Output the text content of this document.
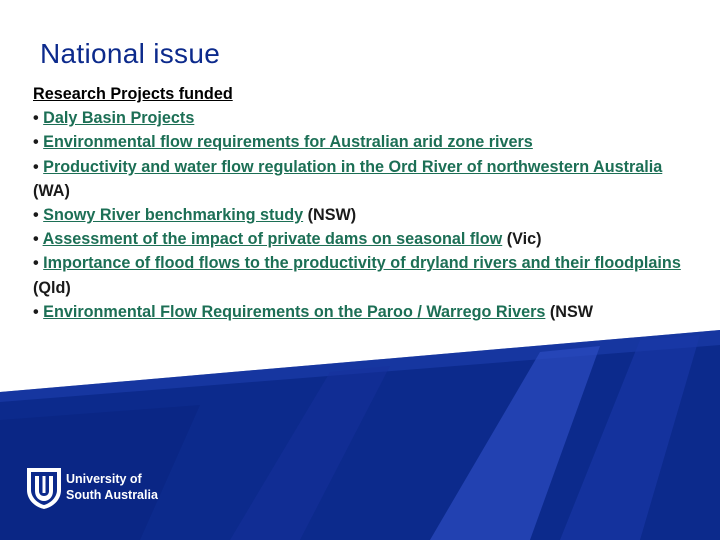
National issue
Research Projects funded
• Daly Basin Projects
• Environmental flow requirements for Australian arid zone rivers
• Productivity and water flow regulation in the Ord River of northwestern Australia (WA)
• Snowy River benchmarking study (NSW)
• Assessment of the impact of private dams on seasonal flow (Vic)
• Importance of flood flows to the productivity of dryland rivers and their floodplains (Qld)
• Environmental Flow Requirements on the Paroo / Warrego Rivers (NSW
University of
South Australia
